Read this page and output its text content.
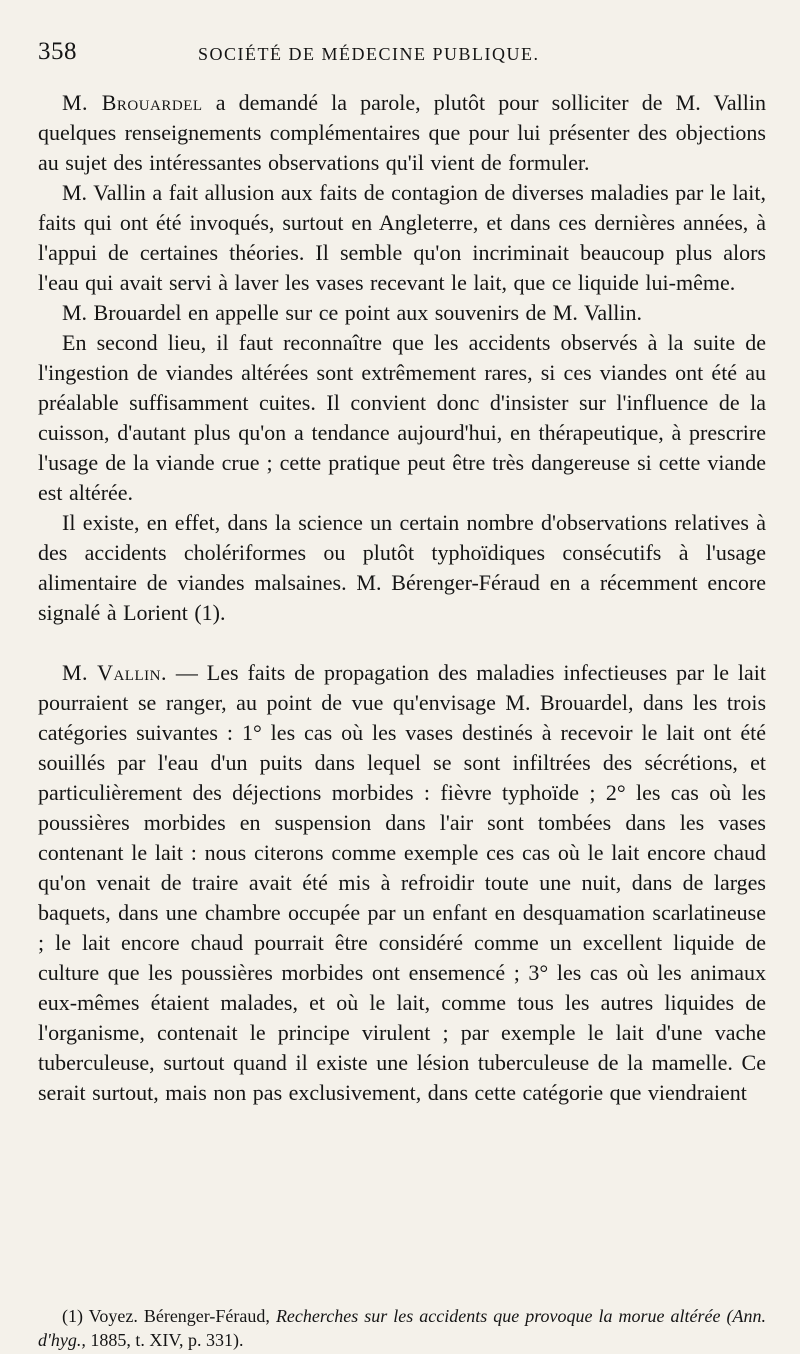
358	SOCIÉTÉ DE MÉDECINE PUBLIQUE.

M. Brouardel a demandé la parole, plutôt pour solliciter de M. Vallin quelques renseignements complémentaires que pour lui présenter des objections au sujet des intéressantes observations qu'il vient de formuler.

M. Vallin a fait allusion aux faits de contagion de diverses maladies par le lait, faits qui ont été invoqués, surtout en Angleterre, et dans ces dernières années, à l'appui de certaines théories. Il semble qu'on incriminait beaucoup plus alors l'eau qui avait servi à laver les vases recevant le lait, que ce liquide lui-même.

M. Brouardel en appelle sur ce point aux souvenirs de M. Vallin.

En second lieu, il faut reconnaître que les accidents observés à la suite de l'ingestion de viandes altérées sont extrêmement rares, si ces viandes ont été au préalable suffisamment cuites. Il convient donc d'insister sur l'influence de la cuisson, d'autant plus qu'on a tendance aujourd'hui, en thérapeutique, à prescrire l'usage de la viande crue ; cette pratique peut être très dangereuse si cette viande est altérée.

Il existe, en effet, dans la science un certain nombre d'observations relatives à des accidents cholériformes ou plutôt typhoïdiques consécutifs à l'usage alimentaire de viandes malsaines. M. Bérenger-Féraud en a récemment encore signalé à Lorient (1).

M. Vallin. — Les faits de propagation des maladies infectieuses par le lait pourraient se ranger, au point de vue qu'envisage M. Brouardel, dans les trois catégories suivantes : 1° les cas où les vases destinés à recevoir le lait ont été souillés par l'eau d'un puits dans lequel se sont infiltrées des sécrétions, et particulièrement des déjections morbides : fièvre typhoïde ; 2° les cas où les poussières morbides en suspension dans l'air sont tombées dans les vases contenant le lait : nous citerons comme exemple ces cas où le lait encore chaud qu'on venait de traire avait été mis à refroidir toute une nuit, dans de larges baquets, dans une chambre occupée par un enfant en desquamation scarlatineuse ; le lait encore chaud pourrait être considéré comme un excellent liquide de culture que les poussières morbides ont ensemencé ; 3° les cas où les animaux eux-mêmes étaient malades, et où le lait, comme tous les autres liquides de l'organisme, contenait le principe virulent ; par exemple le lait d'une vache tuberculeuse, surtout quand il existe une lésion tuberculeuse de la mamelle. Ce serait surtout, mais non pas exclusivement, dans cette catégorie que viendraient

(1) Voyez. Bérenger-Féraud, Recherches sur les accidents que provoque la morue altérée (Ann. d'hyg., 1885, t. XIV, p. 331).
